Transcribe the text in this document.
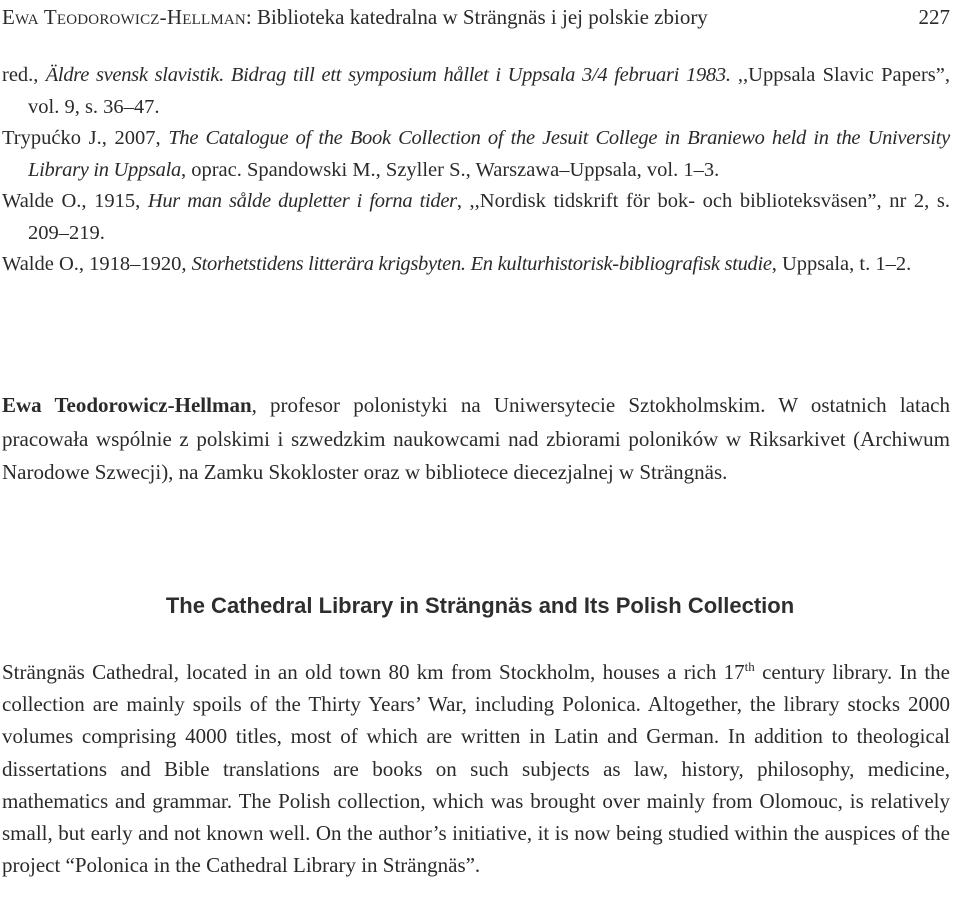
Ewa Teodorowicz-Hellman: Biblioteka katedralna w Strängnäs i jej polskie zbiory	227

red., Äldre svensk slavistik. Bidrag till ett symposium hållet i Uppsala 3/4 februari 1983. ,,Uppsala Slavic Papers”, vol. 9, s. 36–47.

Trypućko J., 2007, The Catalogue of the Book Collection of the Jesuit College in Braniewo held in the University Library in Uppsala, oprac. Spandowski M., Szyller S., Warszawa–Uppsala, vol. 1–3.

Walde O., 1915, Hur man sålde dupletter i forna tider, ,,Nordisk tidskrift för bok- och biblioteksväsen”, nr 2, s. 209–219.

Walde O., 1918–1920, Storhetstidens litterära krigsbyten. En kulturhistorisk-bibliografisk studie, Uppsala, t. 1–2.

Ewa Teodorowicz-Hellman, profesor polonistyki na Uniwersytecie Sztokholmskim. W ostatnich latach pracowała wspólnie z polskimi i szwedzkim naukowcami nad zbiorami poloników w Riksarkivet (Archiwum Narodowe Szwecji), na Zamku Skokloster oraz w bibliotece diecezjalnej w Strängnäs.

The Cathedral Library in Strängnäs and Its Polish Collection

Strängnäs Cathedral, located in an old town 80 km from Stockholm, houses a rich 17th century library. In the collection are mainly spoils of the Thirty Years’ War, including Polonica. Altogether, the library stocks 2000 volumes comprising 4000 titles, most of which are written in Latin and German. In addition to theological dissertations and Bible translations are books on such subjects as law, history, philosophy, medicine, mathematics and grammar. The Polish collection, which was brought over mainly from Olomouc, is relatively small, but early and not known well. On the author’s initiative, it is now being studied within the auspices of the project “Polonica in the Cathedral Library in Strängnäs”.
